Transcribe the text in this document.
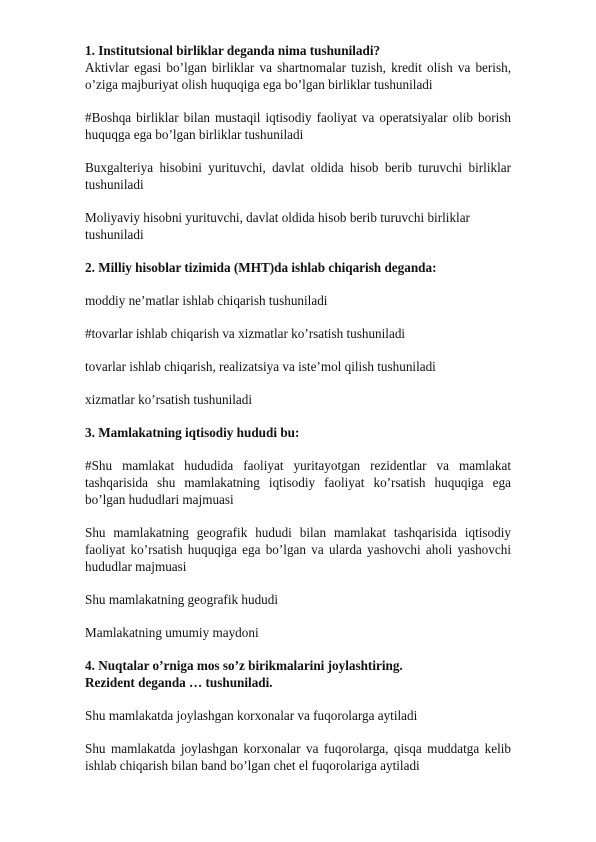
1. Institutsional birliklar deganda nima tushuniladi?

Aktivlar egasi bo’lgan birliklar va shartnomalar tuzish, kredit olish va berish, o’ziga majburiyat olish huquqiga ega bo’lgan birliklar tushuniladi

#Boshqa birliklar bilan mustaqil iqtisodiy faoliyat va operatsiyalar olib borish huquqga ega bo’lgan birliklar tushuniladi

Buxgalteriya hisobini yurituvchi, davlat oldida hisob berib turuvchi birliklar tushuniladi

Moliyaviy hisobni yurituvchi, davlat oldida hisob berib turuvchi birliklar tushuniladi

2. Milliy hisoblar tizimida (MHT)da ishlab chiqarish deganda:

moddiy ne’matlar ishlab chiqarish tushuniladi

#tovarlar ishlab chiqarish va xizmatlar ko’rsatish tushuniladi

tovarlar ishlab chiqarish, realizatsiya va iste’mol qilish tushuniladi

xizmatlar ko’rsatish tushuniladi

3. Mamlakatning iqtisodiy hududi bu:

#Shu mamlakat hududida faoliyat yuritayotgan rezidentlar va mamlakat tashqarisida shu mamlakatning iqtisodiy faoliyat ko’rsatish huquqiga ega bo’lgan hududlari majmuasi

Shu mamlakatning geografik hududi bilan mamlakat tashqarisida iqtisodiy faoliyat ko’rsatish huquqiga ega bo’lgan va ularda yashovchi aholi yashovchi hududlar majmuasi

Shu mamlakatning geografik hududi

Mamlakatning umumiy maydoni

4. Nuqtalar o’rniga mos so’z birikmalarini joylashtiring.

Rezident deganda … tushuniladi.

Shu mamlakatda joylashgan korxonalar va fuqorolarga aytiladi

Shu mamlakatda joylashgan korxonalar va fuqorolarga, qisqa muddatga kelib ishlab chiqarish bilan band bo’lgan chet el fuqorolariga aytiladi
